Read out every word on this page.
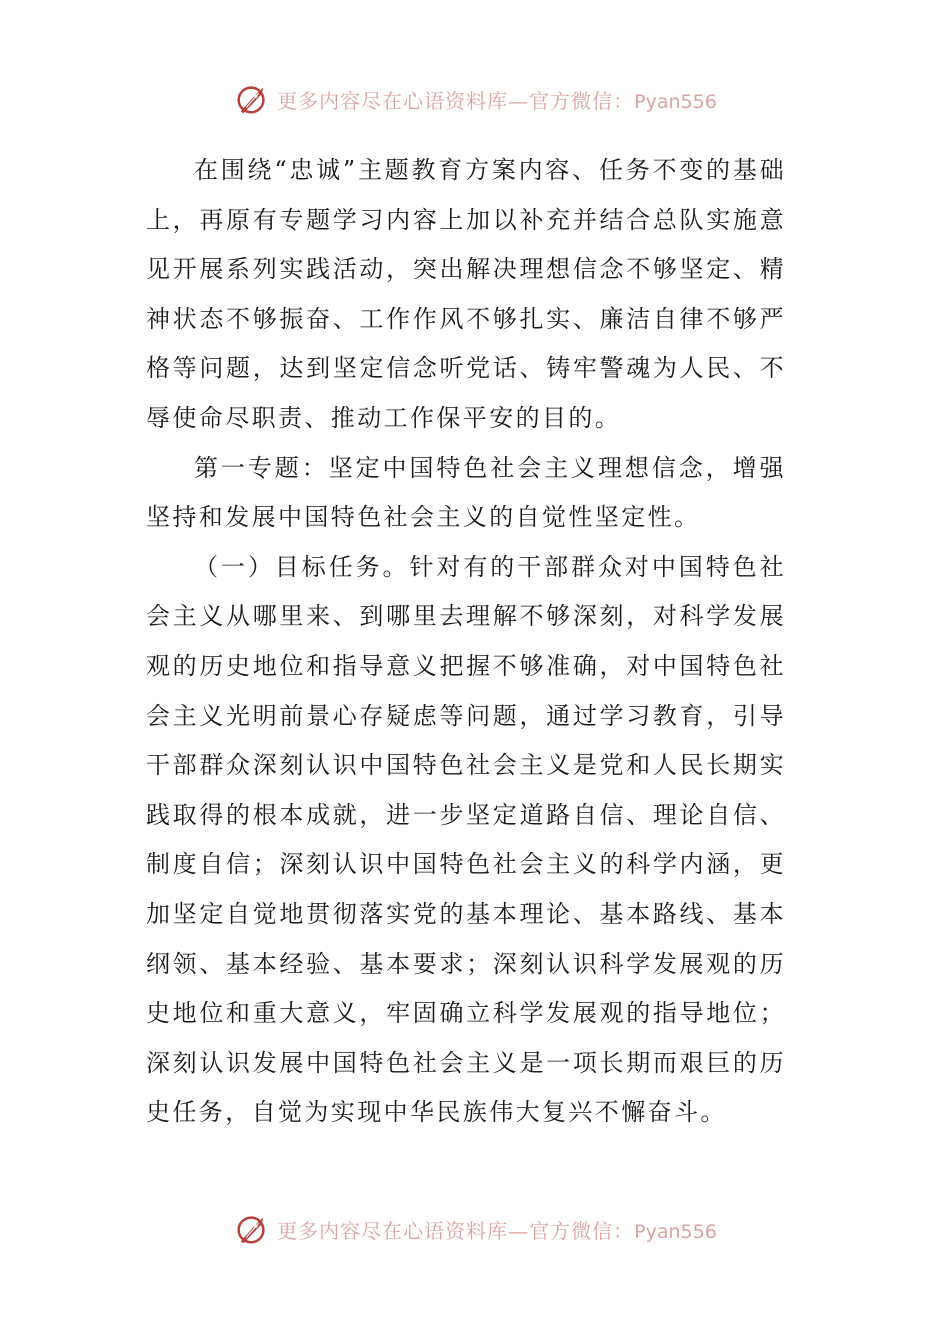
更多内容尽在心语资料库—官方微信：Pyan556

在围绕“忠诚”主题教育方案内容、任务不变的基础上，再原有专题学习内容上加以补充并结合总队实施意见开展系列实践活动，突出解决理想信念不够坚定、精神状态不够振奋、工作作风不够扎实、廉洁自律不够严格等问题，达到坚定信念听党话、铸牢警魂为人民、不辱使命尽职责、推动工作保平安的目的。

第一专题：坚定中国特色社会主义理想信念，增强坚持和发展中国特色社会主义的自觉性坚定性。

（一）目标任务。针对有的干部群众对中国特色社会主义从哪里来、到哪里去理解不够深刻，对科学发展观的历史地位和指导意义把握不够准确，对中国特色社会主义光明前景心存疑虑等问题，通过学习教育，引导干部群众深刻认识中国特色社会主义是党和人民长期实践取得的根本成就，进一步坚定道路自信、理论自信、制度自信；深刻认识中国特色社会主义的科学内涵，更加坚定自觉地贯彻落实党的基本理论、基本路线、基本纲领、基本经验、基本要求；深刻认识科学发展观的历史地位和重大意义，牢固确立科学发展观的指导地位；深刻认识发展中国特色社会主义是一项长期而艰巨的历史任务，自觉为实现中华民族伟大复兴不懈奋斗。

更多内容尽在心语资料库—官方微信：Pyan556
